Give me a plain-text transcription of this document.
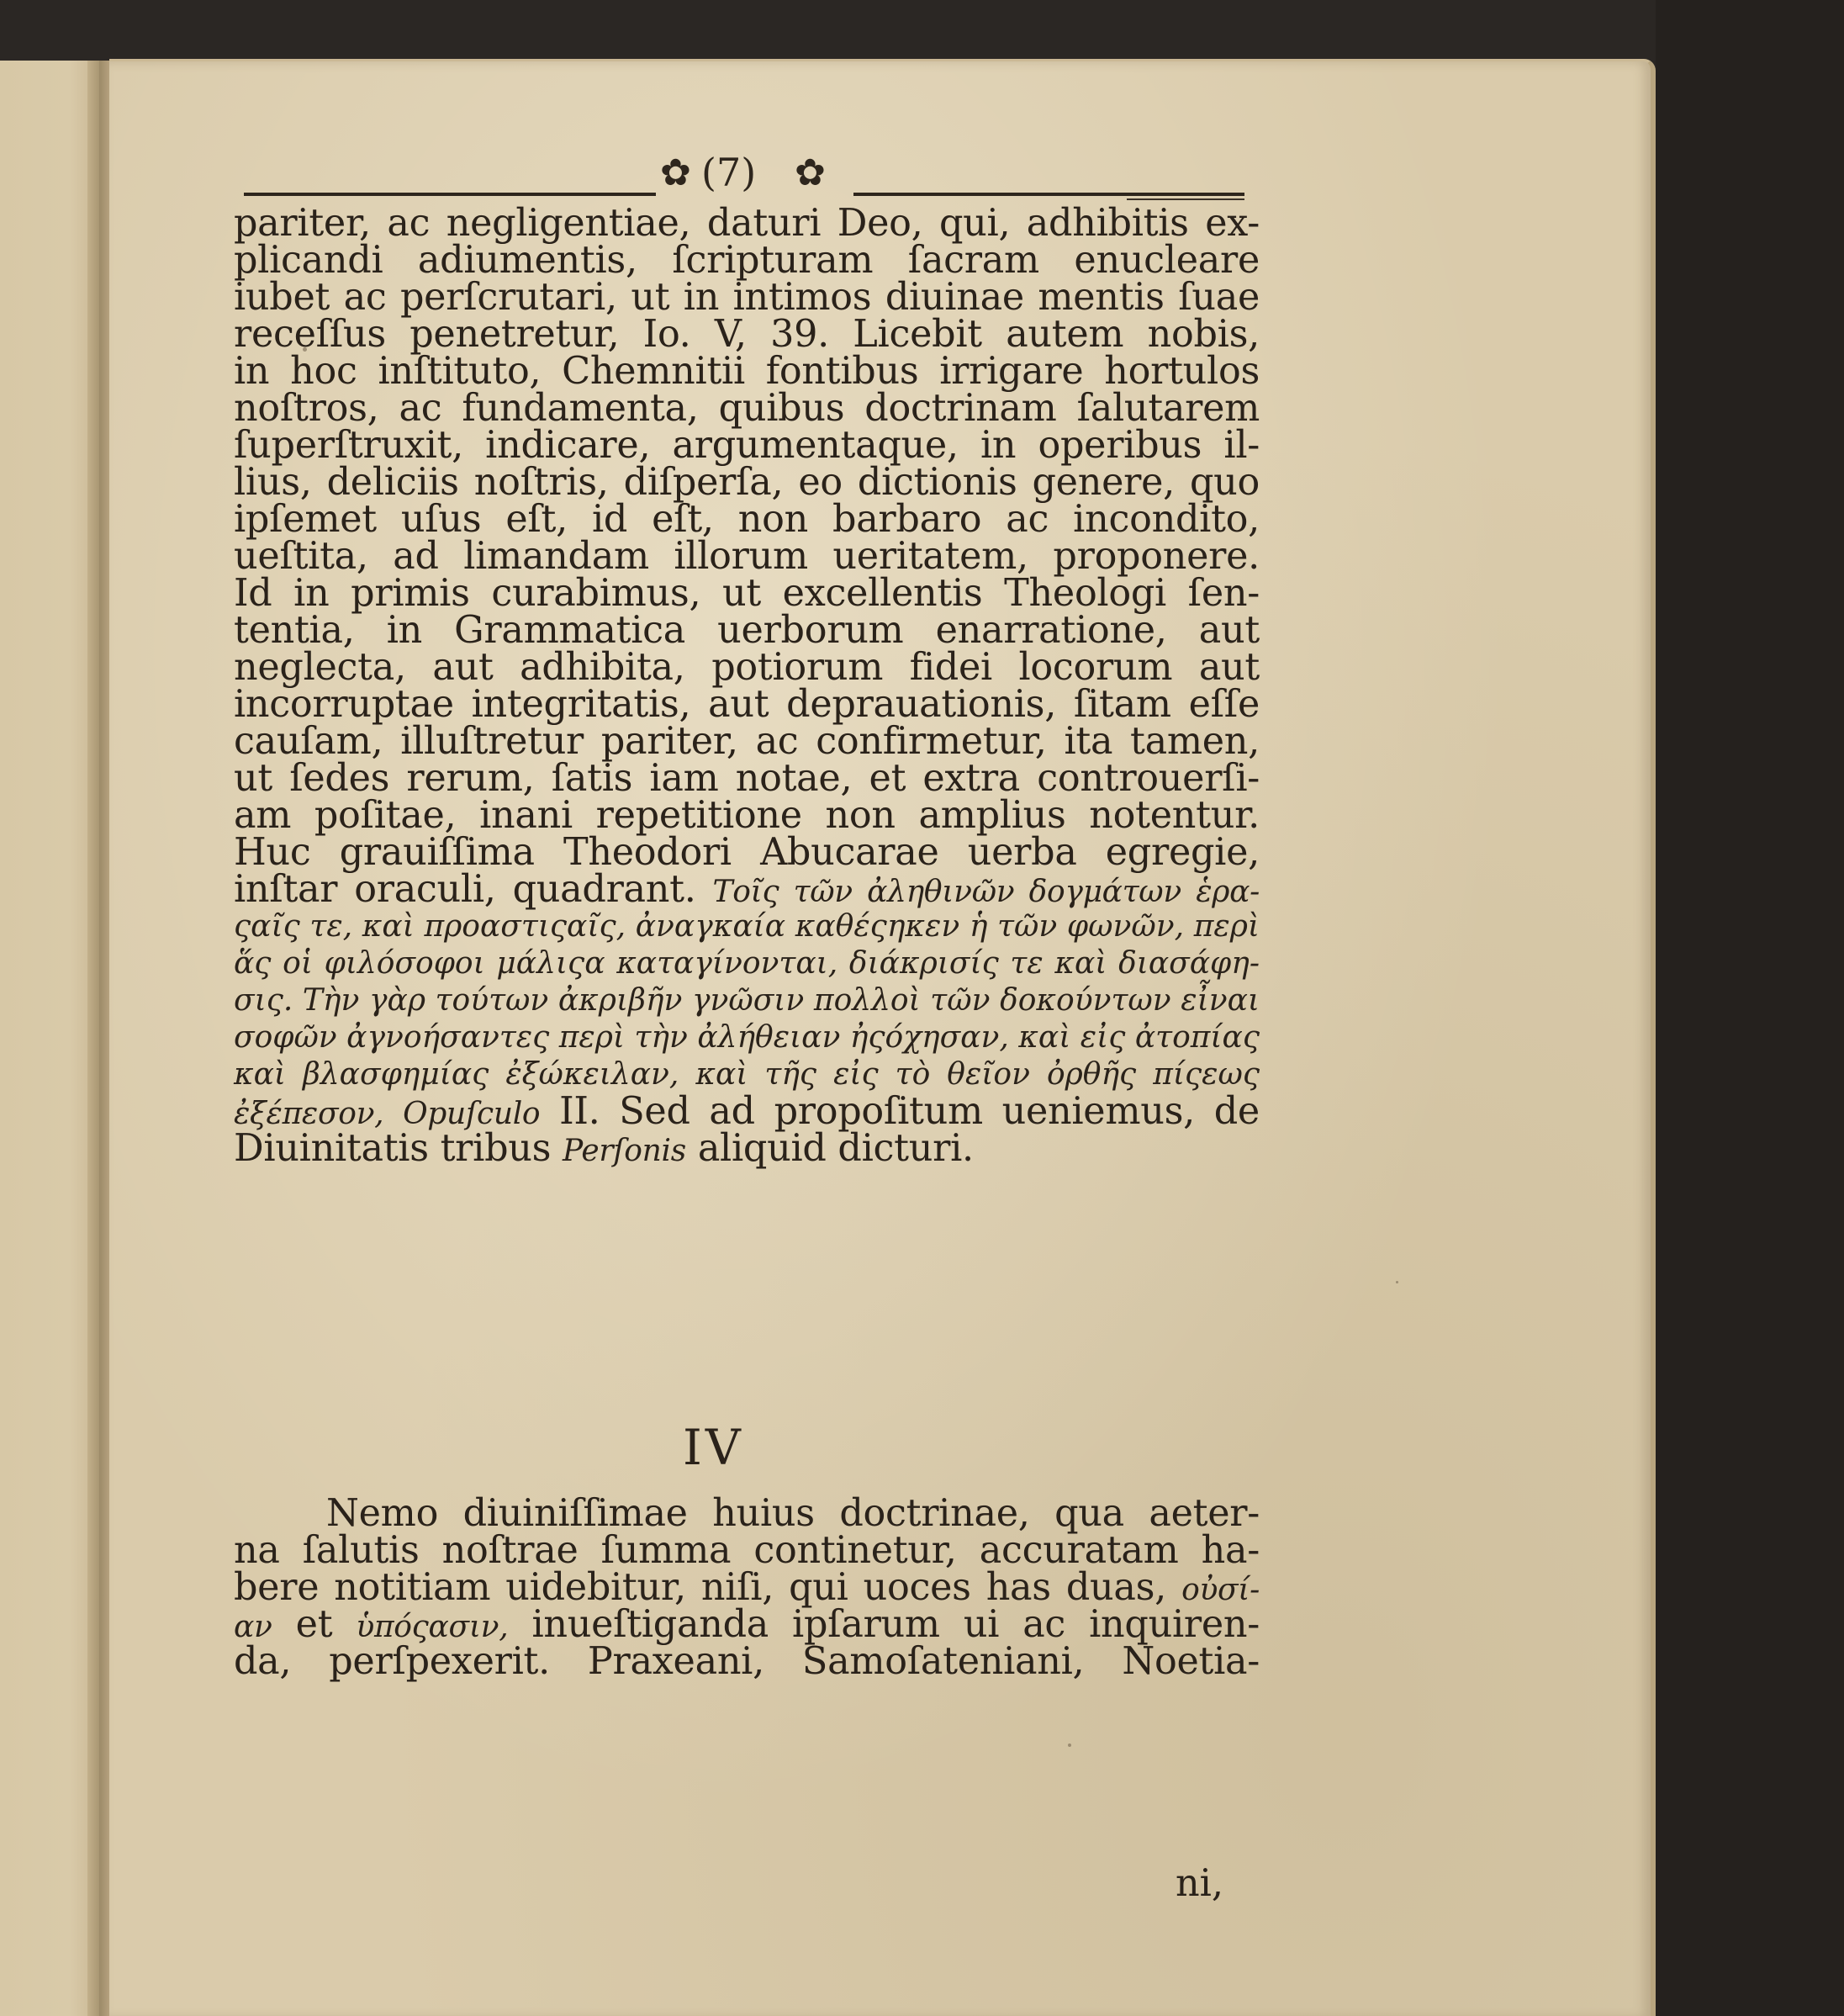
✿ (7) ✿
pariter, ac negligentiae, daturi Deo, qui, adhibitis ex-
plicandi adiumentis, ſcripturam ſacram enucleare
iubet ac perſcrutari, ut in intimos diuinae mentis ſuae
receſſus penetretur, Io. V, 39. Licebit autem nobis,
in hoc inſtituto, Chemnitii fontibus irrigare hortulos
noſtros, ac fundamenta, quibus doctrinam ſalutarem
ſuperſtruxit, indicare, argumentaque, in operibus il-
lius, deliciis noſtris, diſperſa, eo dictionis genere, quo
ipſemet uſus eſt, id eſt, non barbaro ac incondito,
ueſtita, ad limandam illorum ueritatem, proponere.
Id in primis curabimus, ut excellentis Theologi ſen-
tentia, in Grammatica uerborum enarratione, aut
neglecta, aut adhibita, potiorum fidei locorum aut
incorruptae integritatis, aut deprauationis, ſitam eſſe
cauſam, illuſtretur pariter, ac confirmetur, ita tamen,
ut ſedes rerum, ſatis iam notae, et extra controuerſi-
am poſitae, inani repetitione non amplius notentur.
Huc grauiſſima Theodori Abucarae uerba egregie,
inſtar oraculi, quadrant. Τοῖς τῶν ἀληθινῶν δογμάτων ἑρα-
ςαῖς τε, καὶ προαστιςαῖς, ἀναγκαία καθέςηκεν ἡ τῶν φωνῶν, περὶ
ἅς οἱ φιλόσοφοι μάλιςα καταγίνονται, διάκρισίς τε καὶ διασάφη-
σις. Τὴν γὰρ τούτων ἀκριβῆν γνῶσιν πολλοὶ τῶν δοκούντων εἶναι
σοφῶν ἀγνοήσαντες περὶ τὴν ἀλήθειαν ἠςόχησαν, καὶ εἰς ἀτοπίας
καὶ βλασφημίας ἐξώκειλαν, καὶ τῆς εἰς τὸ θεῖον ὀρθῆς πίςεως
ἐξέπεσον, Opuſculo II. Sed ad propoſitum ueniemus, de
Diuinitatis tribus Perſonis aliquid dicturi.
IV
Nemo diuiniſſimae huius doctrinae, qua aeter-
na ſalutis noſtrae ſumma continetur, accuratam ha-
bere notitiam uidebitur, niſi, qui uoces has duas, οὐσί-
αν et ὑπόςασιν, inueſtiganda ipſarum ui ac inquiren-
da, perſpexerit. Praxeani, Samoſateniani, Noetia-
ni,
